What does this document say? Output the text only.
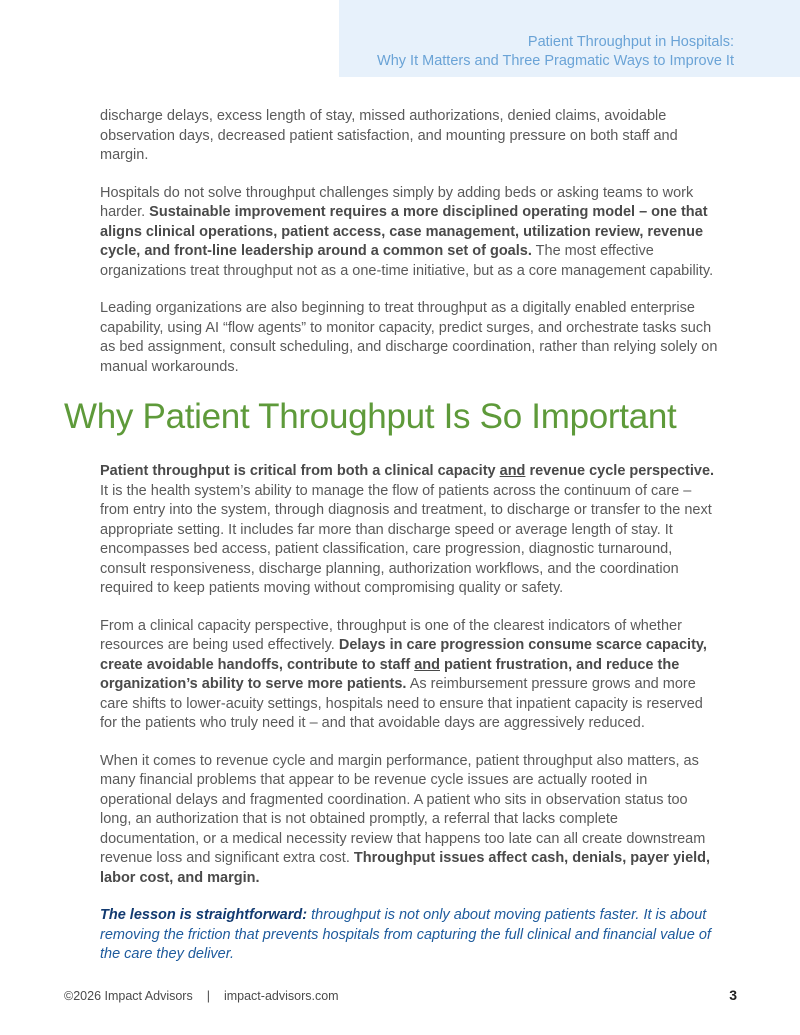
Patient Throughput in Hospitals:
Why It Matters and Three Pragmatic Ways to Improve It

discharge delays, excess length of stay, missed authorizations, denied claims, avoidable observation days, decreased patient satisfaction, and mounting pressure on both staff and margin.

Hospitals do not solve throughput challenges simply by adding beds or asking teams to work harder. Sustainable improvement requires a more disciplined operating model – one that aligns clinical operations, patient access, case management, utilization review, revenue cycle, and front-line leadership around a common set of goals. The most effective organizations treat throughput not as a one-time initiative, but as a core management capability.

Leading organizations are also beginning to treat throughput as a digitally enabled enterprise capability, using AI “flow agents” to monitor capacity, predict surges, and orchestrate tasks such as bed assignment, consult scheduling, and discharge coordination, rather than relying solely on manual workarounds.

Why Patient Throughput Is So Important

Patient throughput is critical from both a clinical capacity and revenue cycle perspective. It is the health system’s ability to manage the flow of patients across the continuum of care – from entry into the system, through diagnosis and treatment, to discharge or transfer to the next appropriate setting. It includes far more than discharge speed or average length of stay. It encompasses bed access, patient classification, care progression, diagnostic turnaround, consult responsiveness, discharge planning, authorization workflows, and the coordination required to keep patients moving without compromising quality or safety.

From a clinical capacity perspective, throughput is one of the clearest indicators of whether resources are being used effectively. Delays in care progression consume scarce capacity, create avoidable handoffs, contribute to staff and patient frustration, and reduce the organization’s ability to serve more patients. As reimbursement pressure grows and more care shifts to lower-acuity settings, hospitals need to ensure that inpatient capacity is reserved for the patients who truly need it – and that avoidable days are aggressively reduced.

When it comes to revenue cycle and margin performance, patient throughput also matters, as many financial problems that appear to be revenue cycle issues are actually rooted in operational delays and fragmented coordination. A patient who sits in observation status too long, an authorization that is not obtained promptly, a referral that lacks complete documentation, or a medical necessity review that happens too late can all create downstream revenue loss and significant extra cost. Throughput issues affect cash, denials, payer yield, labor cost, and margin.

The lesson is straightforward: throughput is not only about moving patients faster. It is about removing the friction that prevents hospitals from capturing the full clinical and financial value of the care they deliver.

©2026 Impact Advisors | impact-advisors.com	3
